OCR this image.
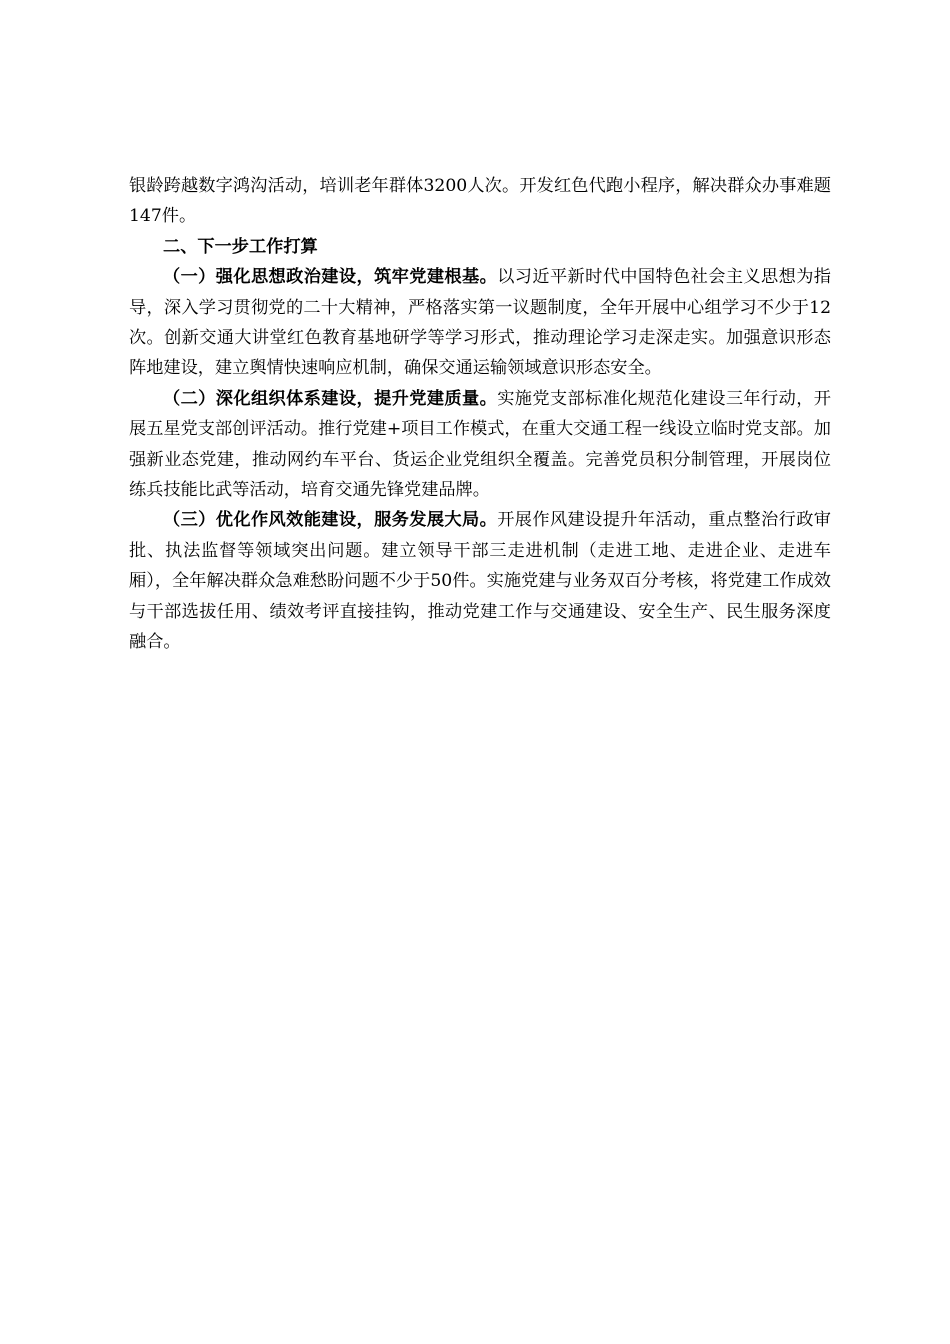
银龄跨越数字鸿沟活动，培训老年群体3200人次。开发红色代跑小程序，解决群众办事难题147件。

二、下一步工作打算

（一）强化思想政治建设，筑牢党建根基。以习近平新时代中国特色社会主义思想为指导，深入学习贯彻党的二十大精神，严格落实第一议题制度，全年开展中心组学习不少于12次。创新交通大讲堂红色教育基地研学等学习形式，推动理论学习走深走实。加强意识形态阵地建设，建立舆情快速响应机制，确保交通运输领域意识形态安全。

（二）深化组织体系建设，提升党建质量。实施党支部标准化规范化建设三年行动，开展五星党支部创评活动。推行党建+项目工作模式，在重大交通工程一线设立临时党支部。加强新业态党建，推动网约车平台、货运企业党组织全覆盖。完善党员积分制管理，开展岗位练兵技能比武等活动，培育交通先锋党建品牌。

（三）优化作风效能建设，服务发展大局。开展作风建设提升年活动，重点整治行政审批、执法监督等领域突出问题。建立领导干部三走进机制（走进工地、走进企业、走进车厢），全年解决群众急难愁盼问题不少于50件。实施党建与业务双百分考核，将党建工作成效与干部选拔任用、绩效考评直接挂钩，推动党建工作与交通建设、安全生产、民生服务深度融合。
